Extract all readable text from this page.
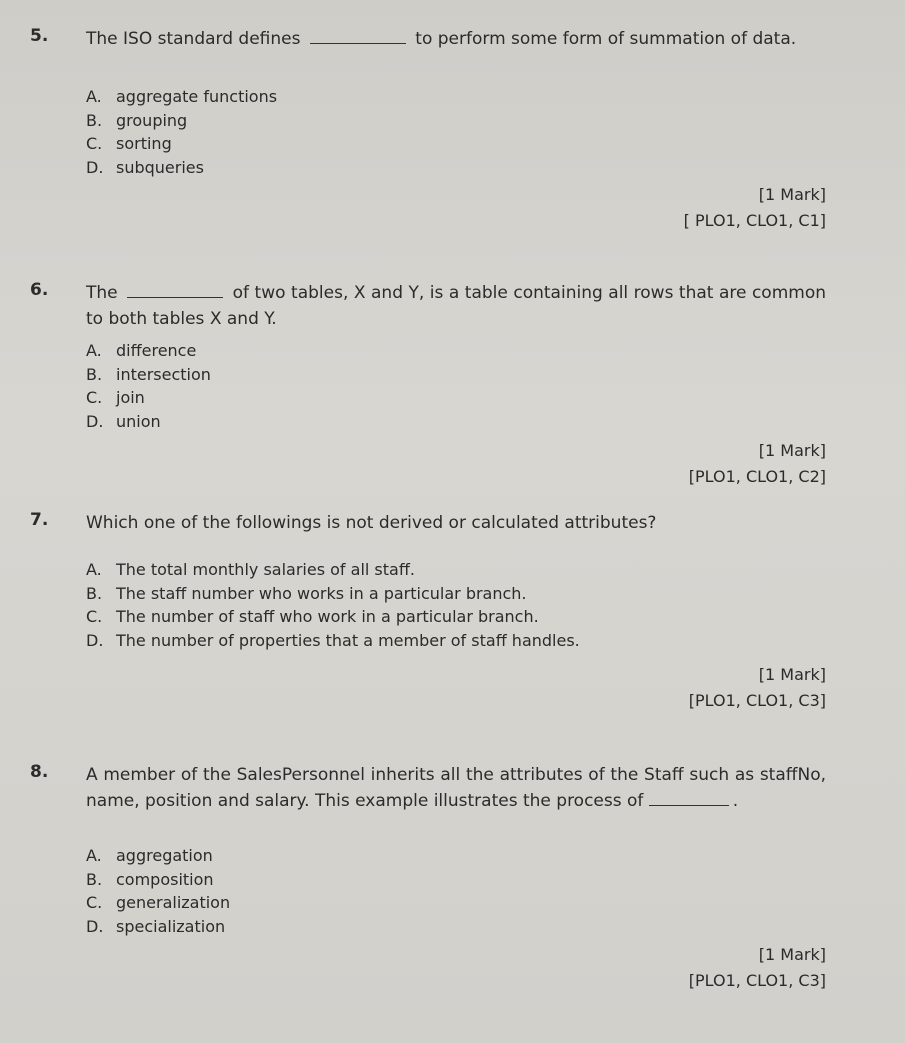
5. The ISO standard defines	to perform some form of summation of data.
A. aggregate functions
B. grouping
C. sorting
D. subqueries
[1 Mark]
[ PLO1, CLO1, C1]
6. The	of two tables, X and Y, is a table containing all rows that are common to both tables X and Y.
A. difference
B. intersection
C. join
D. union
[1 Mark]
[PLO1, CLO1, C2]
7. Which one of the followings is not derived or calculated attributes?
A. The total monthly salaries of all staff.
B. The staff number who works in a particular branch.
C. The number of staff who work in a particular branch.
D. The number of properties that a member of staff handles.
[1 Mark]
[PLO1, CLO1, C3]
8. A member of the SalesPersonnel inherits all the attributes of the Staff such as staffNo, name, position and salary. This example illustrates the process of	.
A. aggregation
B. composition
C. generalization
D. specialization
[1 Mark]
[PLO1, CLO1, C3]
